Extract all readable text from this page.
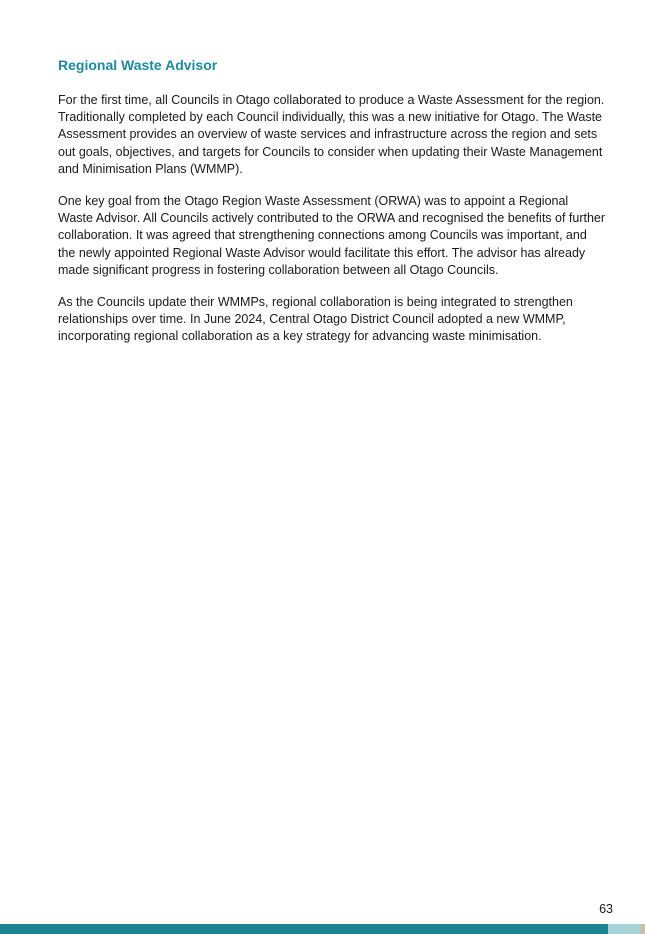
Regional Waste Advisor

For the first time, all Councils in Otago collaborated to produce a Waste Assessment for the region. Traditionally completed by each Council individually, this was a new initiative for Otago. The Waste Assessment provides an overview of waste services and infrastructure across the region and sets out goals, objectives, and targets for Councils to consider when updating their Waste Management and Minimisation Plans (WMMP).

One key goal from the Otago Region Waste Assessment (ORWA) was to appoint a Regional Waste Advisor. All Councils actively contributed to the ORWA and recognised the benefits of further collaboration. It was agreed that strengthening connections among Councils was important, and the newly appointed Regional Waste Advisor would facilitate this effort. The advisor has already made significant progress in fostering collaboration between all Otago Councils.

As the Councils update their WMMPs, regional collaboration is being integrated to strengthen relationships over time. In June 2024, Central Otago District Council adopted a new WMMP, incorporating regional collaboration as a key strategy for advancing waste minimisation.

63
